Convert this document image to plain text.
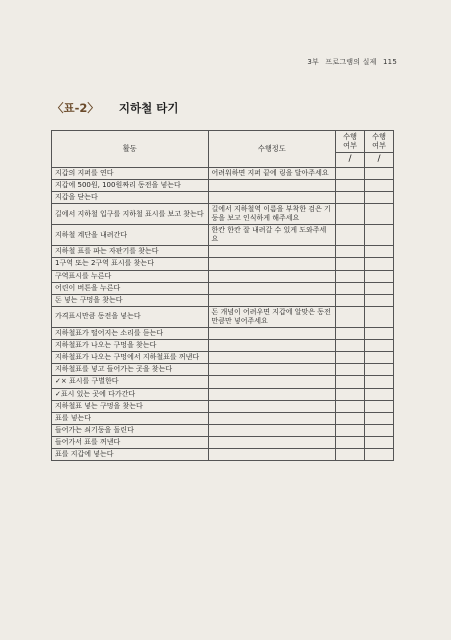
3부 프로그램의 실제 115
〈표-2〉 지하철 타기
활동	수행정도	수행 여부	수행 여부
		/	/
지갑의 지퍼를 연다	어려워하면 지퍼 끝에 링을 달아주세요		
지갑에 500원, 100원짜리 동전을 넣는다			
지갑을 닫는다			
길에서 지하철 입구를 지하철 표시를 보고 찾는다	길에서 지하철역 이름을 부착한 검은 기둥을 보고 인식하게 해주세요		
지하철 계단을 내려간다	한칸 한칸 잘 내려갈 수 있게 도와주세요		
지하철 표를 파는 자판기를 찾는다			
1구역 또는 2구역 표시를 찾는다			
구역표시를 누른다			
어린이 버튼을 누른다			
돈 넣는 구멍을 찾는다			
가격표시만큼 동전을 넣는다	돈 개념이 어려우면 지갑에 알맞은 동전만큼만 넣어주세요		
지하철표가 떨어지는 소리를 듣는다			
지하철표가 나오는 구멍을 찾는다			
지하철표가 나오는 구멍에서 지하철표를 꺼낸다			
지하철표를 넣고 들어가는 곳을 찾는다			
✓× 표시를 구별한다			
✓표시 있는 곳에 다가간다			
지하철표 넣는 구멍을 찾는다			
표를 넣는다			
들어가는 쇠기둥을 돌린다			
들어가서 표를 꺼낸다			
표를 지갑에 넣는다			
